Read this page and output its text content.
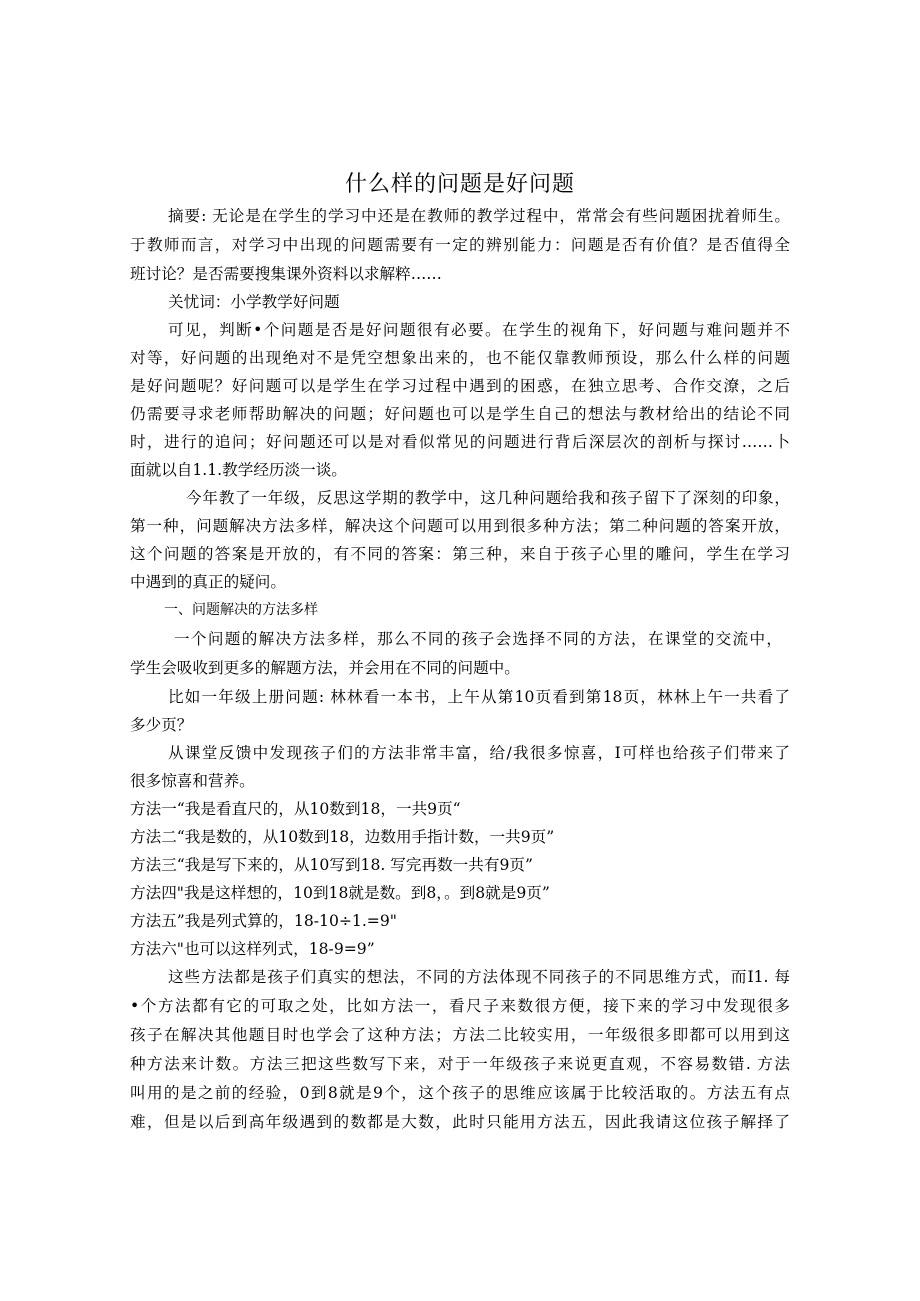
什么样的问题是好问题
摘要: 无论是在学生的学习中还是在教师的教学过程中，常常会有些问题困扰着师生。
于教师而言，对学习中出现的问题需要有一定的辨别能力：问题是否有价值？是否值得全
班讨论？是否需要搜集课外资料以求解粹……
关忧词：小学教学好问题
可见，判断•个问题是否是好问题很有必要。在学生的视角下，好问题与难问题并不
对等，好问题的出现绝对不是凭空想象出来的，也不能仅靠教师预设，那么什么样的问题
是好问题呢？好问题可以是学生在学习过程中遇到的困惑，在独立思考、合作交潦，之后
仍需要寻求老师帮助解决的问题；好问题也可以是学生自己的想法与教材给出的结论不同
时，进行的追问；好问题还可以是对看似常见的问题进行背后深层次的剖析与探讨……卜
面就以自1.1.教学经历淡一谈。
今年教了一年级，反思这学期的教学中，这几种问题给我和孩子留下了深刻的印象，
第一种，问题解决方法多样，解决这个问题可以用到很多种方法；第二种问题的答案开放，
这个问题的答案是开放的，有不同的答案：第三种，来自于孩子心里的雕问，学生在学习
中遇到的真正的疑问。
一、问题解决的方法多样
一个问题的解决方法多样，那么不同的孩子会选择不同的方法，在课堂的交流中，
学生会吸收到更多的解题方法，并会用在不同的问题中。
比如一年级上册问题: 林林看一本书，上午从第10页看到第18页，林林上午一共看了
多少页？
从课堂反馈中发现孩子们的方法非常丰富，给/我很多惊喜，I可样也给孩子们带来了
很多惊喜和营养。
方法一“我是看直尺的，从10数到18，一共9页“
方法二“我是数的，从10数到18，边数用手指计数，一共9页”
方法三“我是写下来的，从10写到18. 写完再数一共有9页”
方法四"我是这样想的，10到18就是数。到8，。到8就是9页”
方法五”我是列式算的，18-10÷1.=9"
方法六"也可以这样列式，18-9=9”
这些方法都是孩子们真实的想法，不同的方法体现不同孩子的不同思维方式，而I1. 每
•个方法都有它的可取之处，比如方法一，看尺子来数很方便，接下来的学习中发现很多
孩子在解决其他题目时也学会了这种方法；方法二比较实用，一年级很多即都可以用到这
种方法来计数。方法三把这些数写下来，对于一年级孩子来说更直观，不容易数错. 方法
叫用的是之前的经验，0到8就是9个，这个孩子的思维应该属于比较活取的。方法五有点
难，但是以后到高年级遇到的数都是大数，此时只能用方法五，因此我请这位孩子解择了
